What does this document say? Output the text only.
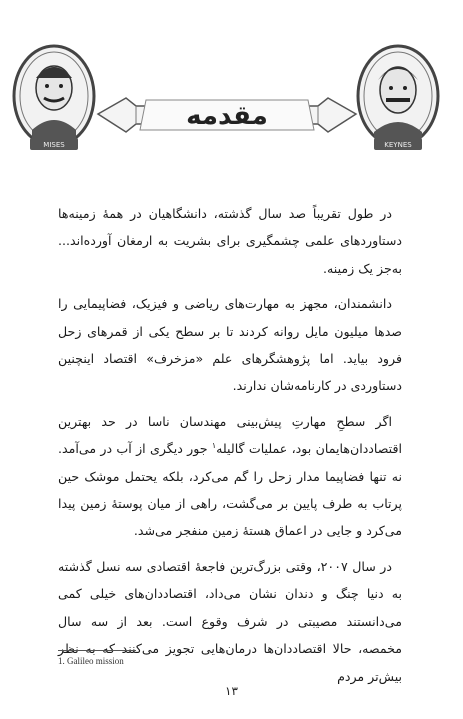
MISES
مقدمه
KEYNES

در طول تقریباً صد سال گذشته، دانشگاهیان در همهٔ زمینه‌ها دستاوردهای علمی چشمگیری برای بشریت به ارمغان آورده‌اند... به‌جز یک زمینه.

دانشمندان، مجهز به مهارت‌های ریاضی و فیزیک، فضاپیمایی را صدها میلیون مایل روانه کردند تا بر سطح یکی از قمرهای زحل فرود بیاید. اما پژوهشگرهای علم «مزخرف» اقتصاد اینچنین دستاوردی در کارنامه‌شان ندارند.

اگر سطحِ مهارتِ پیش‌بینی مهندسان ناسا در حد بهترین اقتصاددان‌هایمان بود، عملیات گالیله$^۱$ جور دیگری از آب در می‌آمد. نه تنها فضاپیما مدار زحل را گم می‌کرد، بلکه یحتمل موشک حین پرتاب به طرف پایین بر می‌گشت، راهی از میان پوستهٔ زمین پیدا می‌کرد و جایی در اعماق هستهٔ زمین منفجر می‌شد.

در سال ۲۰۰۷، وقتی بزرگ‌ترین فاجعهٔ اقتصادی سه نسل گذشته به دنیا چنگ و دندان نشان می‌داد، اقتصاددان‌های خیلی کمی می‌دانستند مصیبتی در شرف وقوع است. بعد از سه سال مخمصه، حالا اقتصاددان‌ها درمان‌هایی تجویز می‌کنند که به نظر بیش‌تر مردم

1. Galileo mission
۱۳
